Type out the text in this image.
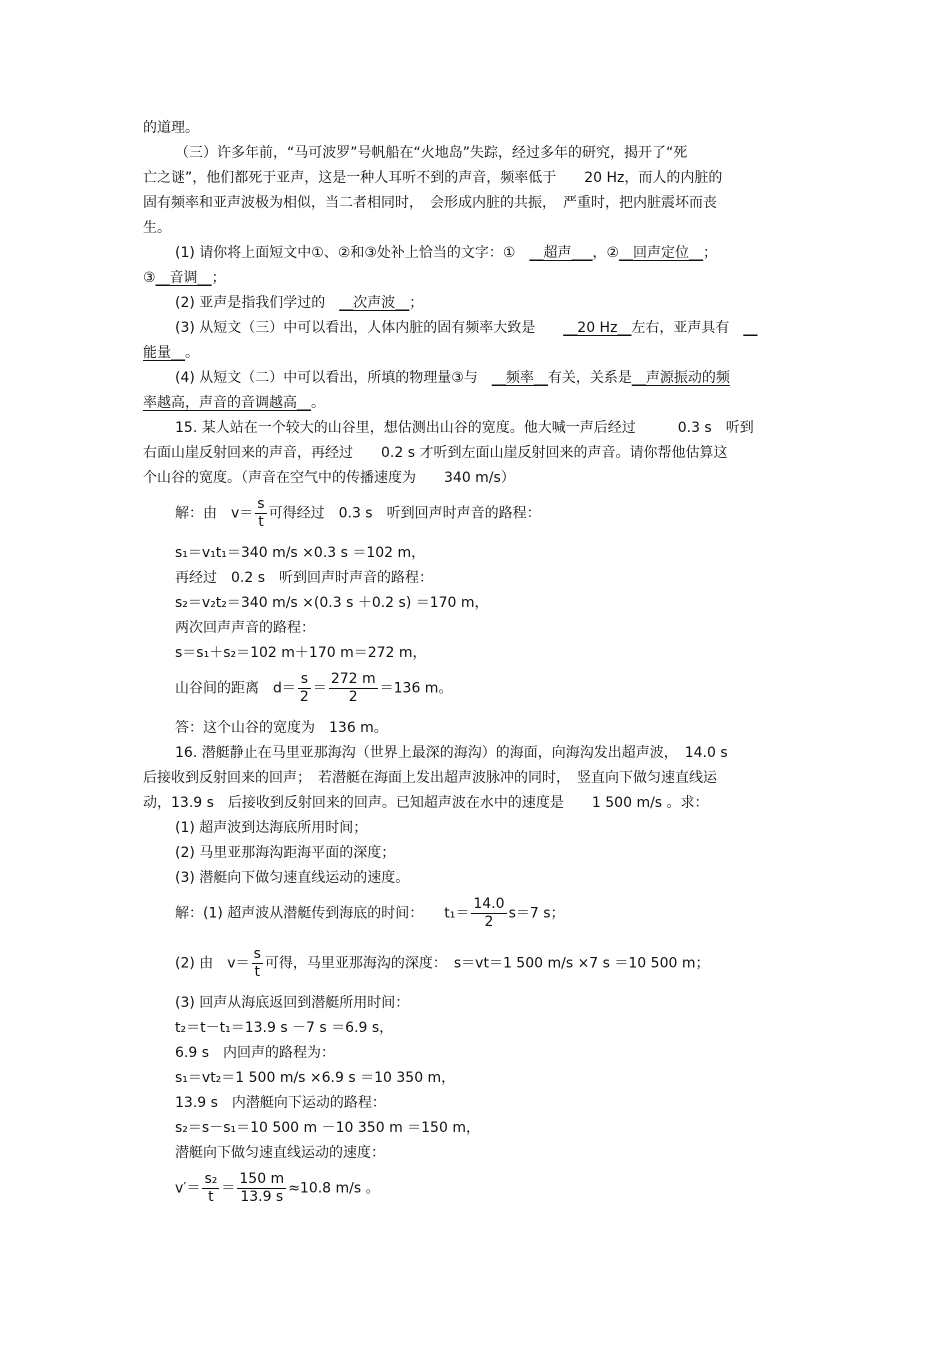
的道理。
（三）许多年前，“马可波罗”号帆船在“火地岛”失踪，经过多年的研究，揭开了“死
亡之谜”，他们都死于亚声，这是一种人耳听不到的声音，频率低于　　20 Hz，而人的内脏的
固有频率和亚声波极为相似，当二者相同时，　会形成内脏的共振，　严重时，把内脏震坏而丧
生。
(1) 请你将上面短文中①、②和③处补上恰当的文字：①　__超声___，②__回声定位__；
③__音调__；
(2) 亚声是指我们学过的　__次声波__；
(3) 从短文（三）中可以看出，人体内脏的固有频率大致是　　__20 Hz__左右，亚声具有　__
能量__。
(4) 从短文（二）中可以看出，所填的物理量③与　__频率__有关，关系是__声源振动的频
率越高，声音的音调越高__。
15. 某人站在一个较大的山谷里，想估测出山谷的宽度。他大喊一声后经过　　　0.3 s　听到
右面山崖反射回来的声音，再经过　　0.2 s 才听到左面山崖反射回来的声音。请你帮他估算这
个山谷的宽度。（声音在空气中的传播速度为　　340 m/s）
解：由　$v= \frac{s}{t}$ 可得经过　0.3 s　听到回声时声音的路程：
s₁＝v₁t₁＝340 m/s ×0.3 s ＝102 m，
再经过　0.2 s　听到回声时声音的路程：
s₂＝v₂t₂＝340 m/s ×(0.3 s ＋0.2 s) ＝170 m，
两次回声声音的路程：
s＝s₁＋s₂＝102 m＋170 m＝272 m，
山谷间的距离　$d= \frac{s}{2} = \frac{272 m}{2} =136$ m。
答：这个山谷的宽度为　136 m。
16. 潜艇静止在马里亚那海沟（世界上最深的海沟）的海面，向海沟发出超声波，　14.0 s
后接收到反射回来的回声；　若潜艇在海面上发出超声波脉冲的同时，　竖直向下做匀速直线运
动，13.9 s　后接收到反射回来的回声。已知超声波在水中的速度是　　1 500 m/s 。求：
(1) 超声波到达海底所用时间；
(2) 马里亚那海沟距海平面的深度；
(3) 潜艇向下做匀速直线运动的速度。
解：(1) 超声波从潜艇传到海底的时间：　　$t_1= \frac{14.0}{2} s=7$ s；
(2) 由　$v= \frac{s}{t}$ 可得，马里亚那海沟的深度：　s＝vt＝1 500 m/s ×7 s ＝10 500 m；
(3) 回声从海底返回到潜艇所用时间：
t₂＝t－t₁＝13.9 s －7 s ＝6.9 s，
6.9 s　内回声的路程为：
s₁＝vt₂＝1 500 m/s ×6.9 s ＝10 350 m，
13.9 s　内潜艇向下运动的路程：
s₂＝s－s₁＝10 500 m －10 350 m ＝150 m，
潜艇向下做匀速直线运动的速度：
$v'= \frac{\text{s₂}}{t} = \frac{150 m}{13.9 s} \approx 10.8$ m/s 。
